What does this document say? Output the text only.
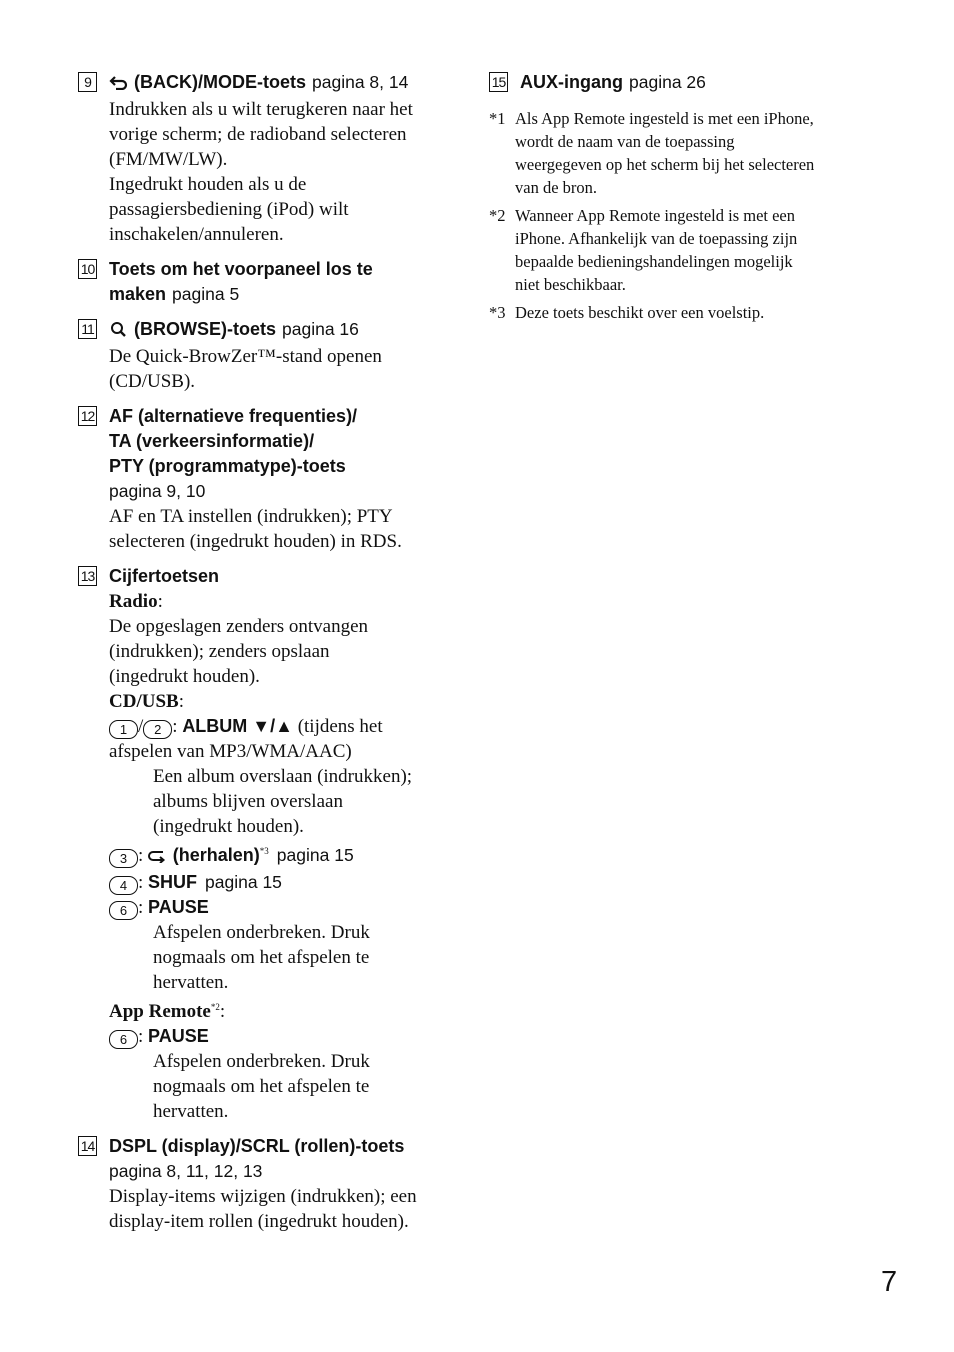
9	(BACK)/MODE-toets pagina 8, 14
Indrukken als u wilt terugkeren naar het
vorige scherm; de radioband selecteren
(FM/MW/LW).
Ingedrukt houden als u de
passagiersbediening (iPod) wilt
inschakelen/annuleren.
10 Toets om het voorpaneel los te
maken pagina 5
11	(BROWSE)-toets pagina 16
De Quick-BrowZer™-stand openen
(CD/USB).
12 AF (alternatieve frequenties)/
TA (verkeersinformatie)/
PTY (programmatype)-toets
pagina 9, 10
AF en TA instellen (indrukken); PTY
selecteren (ingedrukt houden) in RDS.
13 Cijfertoetsen
Radio:
De opgeslagen zenders ontvangen
(indrukken); zenders opslaan
(ingedrukt houden).
CD/USB:
1 / 2 : ALBUM ▼/▲ (tijdens het
afspelen van MP3/WMA/AAC)
Een album overslaan (indrukken);
albums blijven overslaan
(ingedrukt houden).
3 : (herhalen)$^{*3}$ pagina 15
4 : SHUF pagina 15
6 : PAUSE
Afspelen onderbreken. Druk
nogmaals om het afspelen te
hervatten.
App Remote$^{*2}$:
6 : PAUSE
Afspelen onderbreken. Druk
nogmaals om het afspelen te
hervatten.
14 DSPL (display)/SCRL (rollen)-toets
pagina 8, 11, 12, 13
Display-items wijzigen (indrukken); een
display-item rollen (ingedrukt houden).
15 AUX-ingang pagina 26
*1 Als App Remote ingesteld is met een iPhone,
wordt de naam van de toepassing
weergegeven op het scherm bij het selecteren
van de bron.
*2 Wanneer App Remote ingesteld is met een
iPhone. Afhankelijk van de toepassing zijn
bepaalde bedieningshandelingen mogelijk
niet beschikbaar.
*3 Deze toets beschikt over een voelstip.
7
